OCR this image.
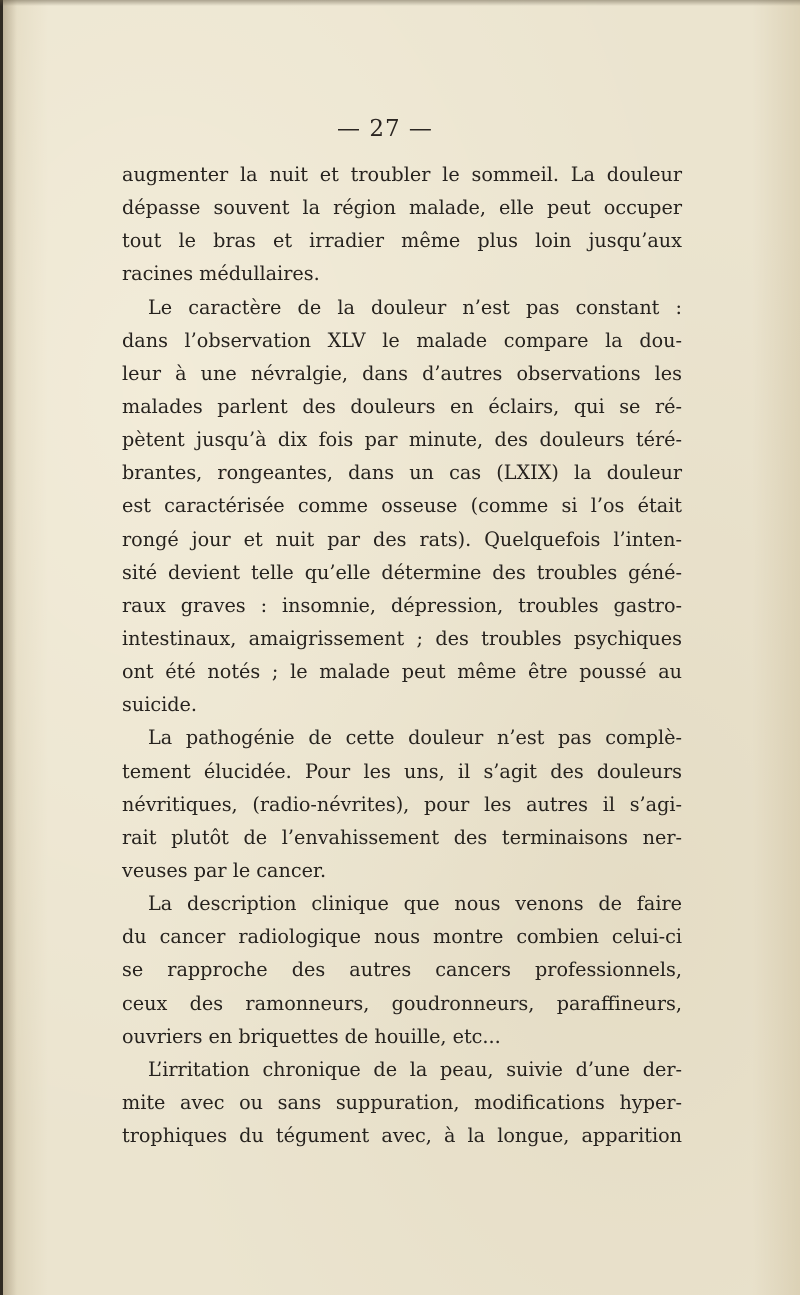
— 27 —
augmenter la nuit et troubler le sommeil. La douleur
dépasse souvent la région malade, elle peut occuper
tout le bras et irradier même plus loin jusqu’aux
racines médullaires.
Le caractère de la douleur n’est pas constant :
dans l’observation XLV le malade compare la dou-
leur à une névralgie, dans d’autres observations les
malades parlent des douleurs en éclairs, qui se ré-
pètent jusqu’à dix fois par minute, des douleurs téré-
brantes, rongeantes, dans un cas (LXIX) la douleur
est caractérisée comme osseuse (comme si l’os était
rongé jour et nuit par des rats). Quelquefois l’inten-
sité devient telle qu’elle détermine des troubles géné-
raux graves : insomnie, dépression, troubles gastro-
intestinaux, amaigrissement ; des troubles psychiques
ont été notés ; le malade peut même être poussé au
suicide.
La pathogénie de cette douleur n’est pas complè-
tement élucidée. Pour les uns, il s’agit des douleurs
névritiques, (radio-névrites), pour les autres il s’agi-
rait plutôt de l’envahissement des terminaisons ner-
veuses par le cancer.
La description clinique que nous venons de faire
du cancer radiologique nous montre combien celui-ci
se rapproche des autres cancers professionnels,
ceux des ramonneurs, goudronneurs, paraffineurs,
ouvriers en briquettes de houille, etc...
L’irritation chronique de la peau, suivie d’une der-
mite avec ou sans suppuration, modifications hyper-
trophiques du tégument avec, à la longue, apparition
